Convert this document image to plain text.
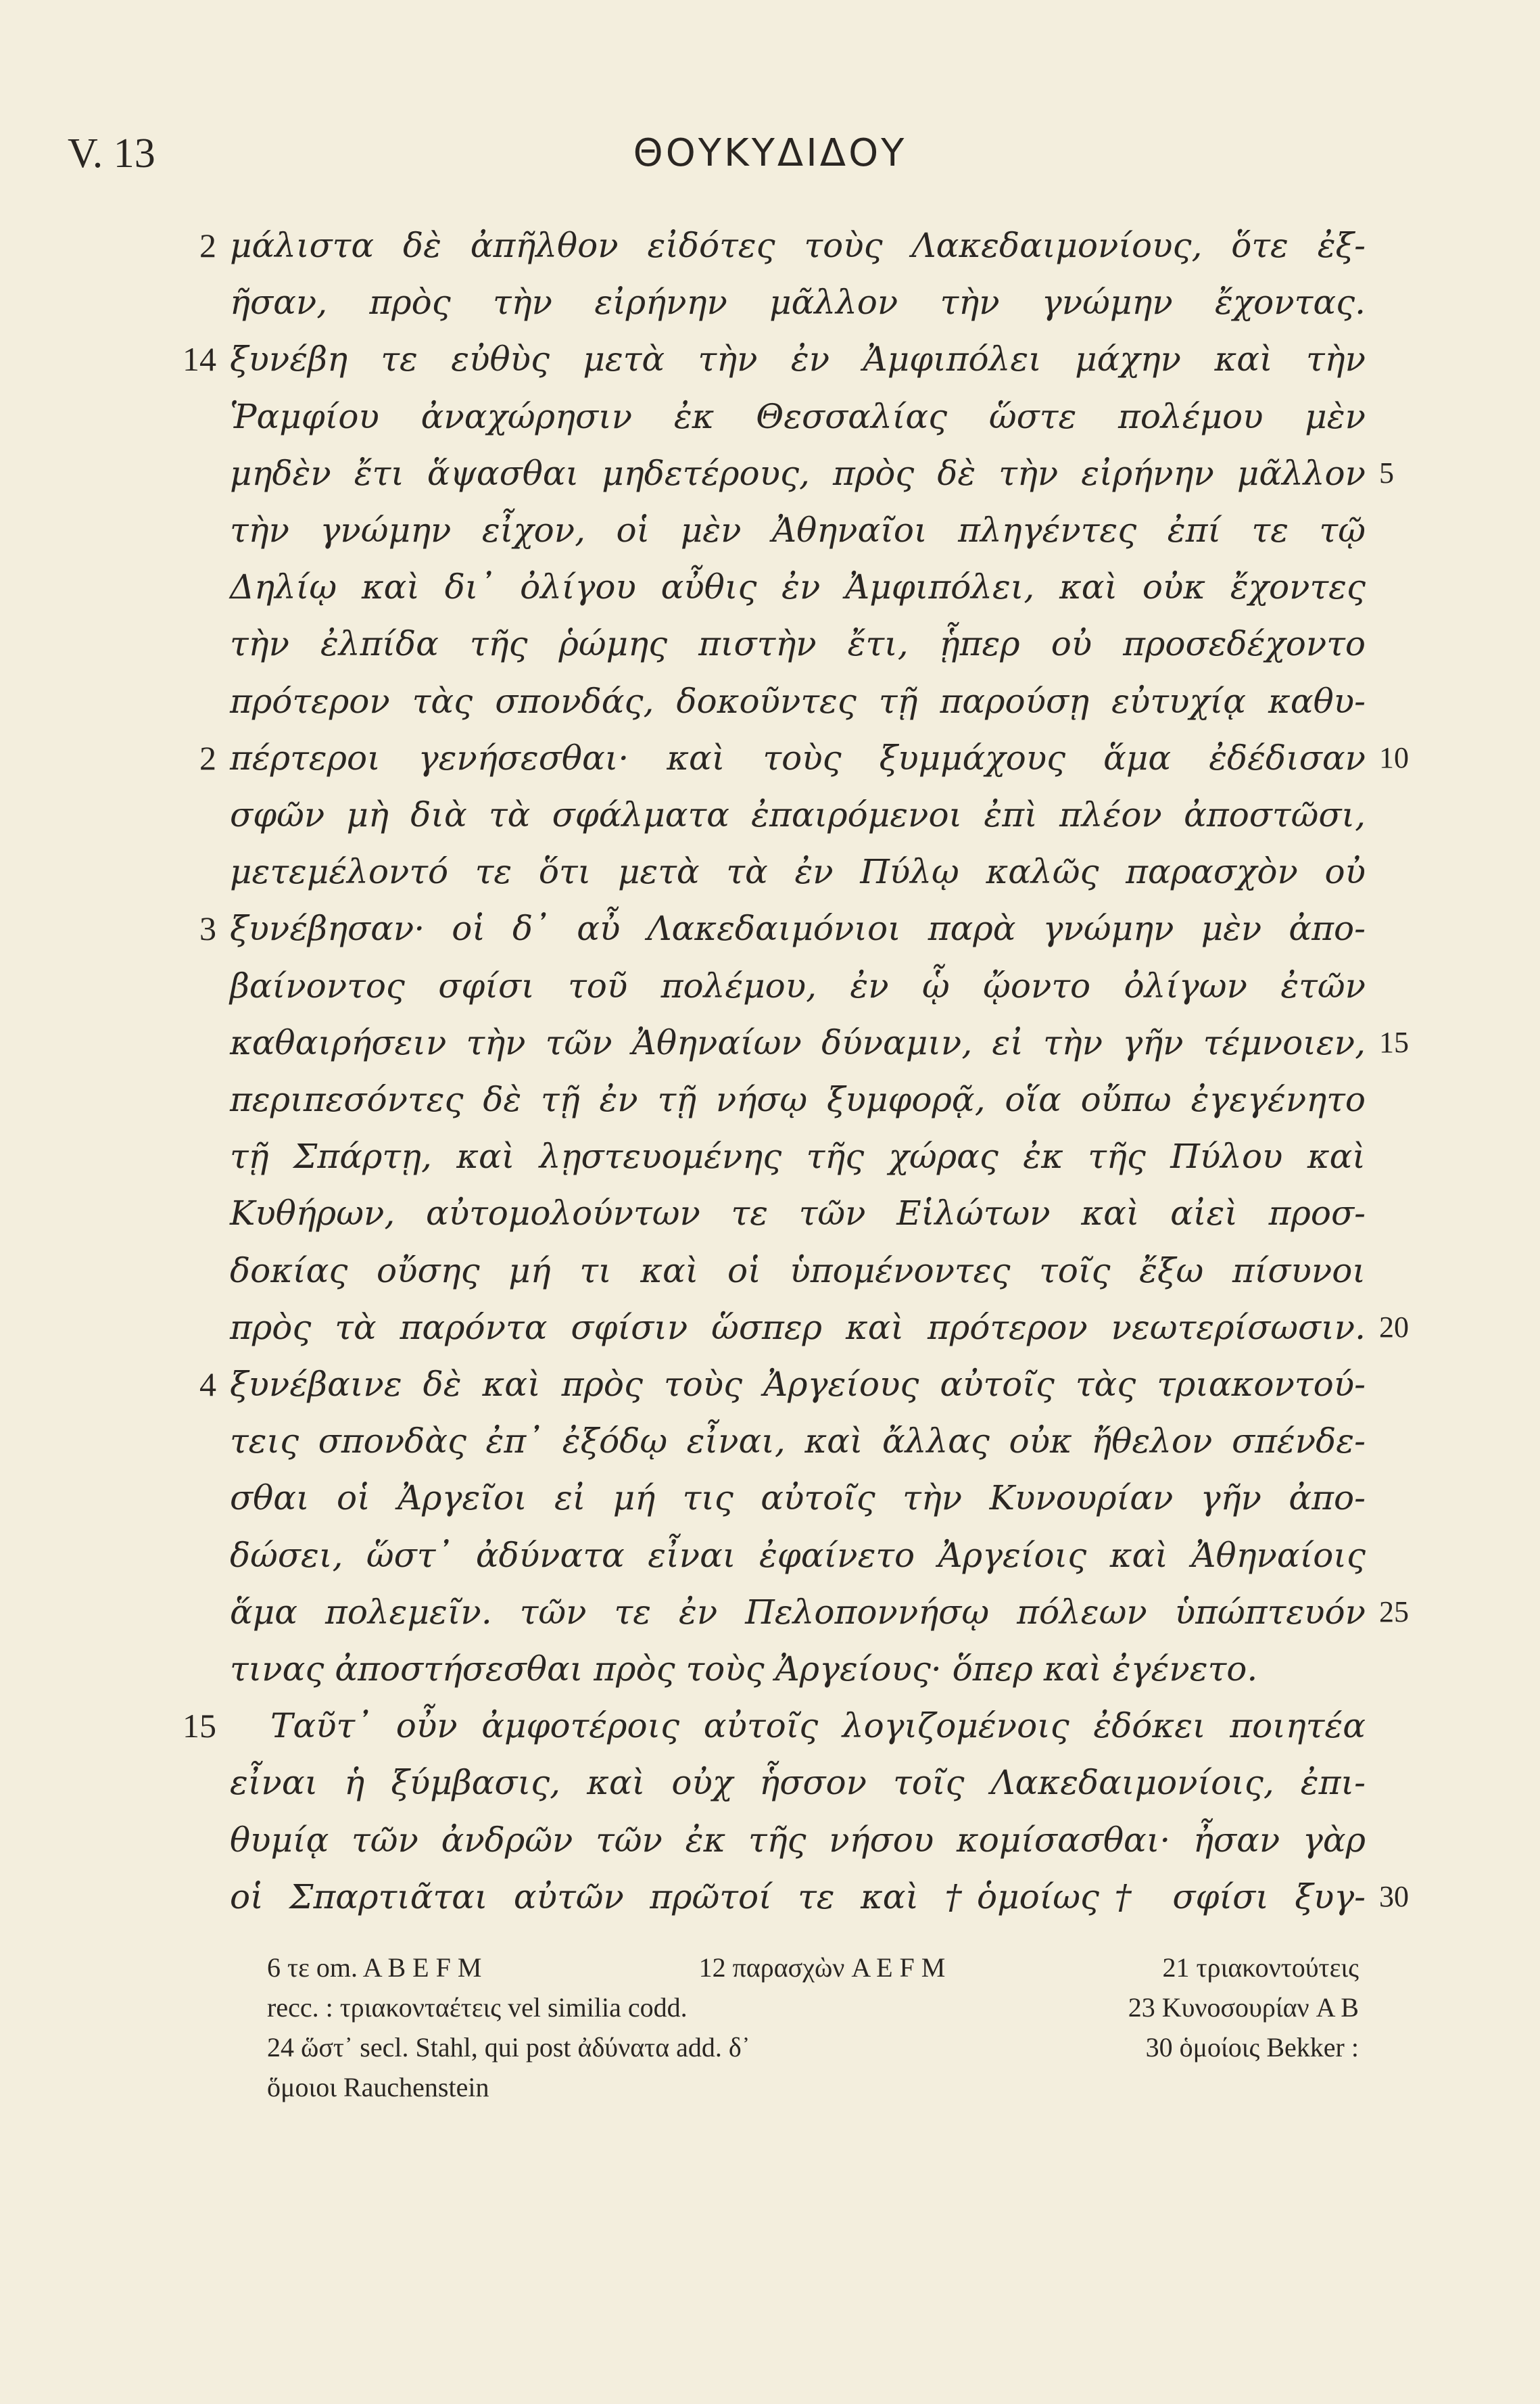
V. 13	ΘΟΥΚΥΔΙΔΟΥ
μάλιστα δὲ ἀπῆλθον εἰδότες τοὺς Λακεδαιμονίους, ὅτε ἐξ-
2
ῆσαν, πρὸς τὴν εἰρήνην μᾶλλον τὴν γνώμην ἔχοντας.
ξυνέβη τε εὐθὺς μετὰ τὴν ἐν Ἀμφιπόλει μάχην καὶ τὴν
14
Ῥαμφίου ἀναχώρησιν ἐκ Θεσσαλίας ὥστε πολέμου μὲν
μηδὲν ἔτι ἅψασθαι μηδετέρους, πρὸς δὲ τὴν εἰρήνην μᾶλλον 5
τὴν γνώμην εἶχον, οἱ μὲν Ἀθηναῖοι πληγέντες ἐπί τε τῷ
Δηλίῳ καὶ δι᾽ ὀλίγου αὖθις ἐν Ἀμφιπόλει, καὶ οὐκ ἔχοντες
τὴν ἐλπίδα τῆς ῥώμης πιστὴν ἔτι, ᾗπερ οὐ προσεδέχοντο
πρότερον τὰς σπονδάς, δοκοῦντες τῇ παρούσῃ εὐτυχίᾳ καθυ-
πέρτεροι γενήσεσθαι· καὶ τοὺς ξυμμάχους ἅμα ἐδέδισαν
2	10
σφῶν μὴ διὰ τὰ σφάλματα ἐπαιρόμενοι ἐπὶ πλέον ἀποστῶσι,
μετεμέλοντό τε ὅτι μετὰ τὰ ἐν Πύλῳ καλῶς παρασχὸν οὐ
ξυνέβησαν· οἱ δ᾽ αὖ Λακεδαιμόνιοι παρὰ γνώμην μὲν ἀπο-
3
βαίνοντος σφίσι τοῦ πολέμου, ἐν ᾧ ᾤοντο ὀλίγων ἐτῶν
καθαιρήσειν τὴν τῶν Ἀθηναίων δύναμιν, εἰ τὴν γῆν τέμνοιεν, 15
περιπεσόντες δὲ τῇ ἐν τῇ νήσῳ ξυμφορᾷ, οἵα οὔπω ἐγεγένητο
τῇ Σπάρτῃ, καὶ λῃστευομένης τῆς χώρας ἐκ τῆς Πύλου καὶ
Κυθήρων, αὐτομολούντων τε τῶν Εἱλώτων καὶ αἰεὶ προσ-
δοκίας οὔσης μή τι καὶ οἱ ὑπομένοντες τοῖς ἔξω πίσυνοι
πρὸς τὰ παρόντα σφίσιν ὥσπερ καὶ πρότερον νεωτερίσωσιν. 20
ξυνέβαινε δὲ καὶ πρὸς τοὺς Ἀργείους αὐτοῖς τὰς τριακοντού-
4
τεις σπονδὰς ἐπ᾽ ἐξόδῳ εἶναι, καὶ ἄλλας οὐκ ἤθελον σπένδε-
σθαι οἱ Ἀργεῖοι εἰ μή τις αὐτοῖς τὴν Κυνουρίαν γῆν ἀπο-
δώσει, ὥστ᾽ ἀδύνατα εἶναι ἐφαίνετο Ἀργείοις καὶ Ἀθηναίοις
ἅμα πολεμεῖν. τῶν τε ἐν Πελοποννήσῳ πόλεων ὑπώπτευόν 25
τινας ἀποστήσεσθαι πρὸς τοὺς Ἀργείους· ὅπερ καὶ ἐγένετο.
Ταῦτ᾽ οὖν ἀμφοτέροις αὐτοῖς λογιζομένοις ἐδόκει ποιητέα
15
εἶναι ἡ ξύμβασις, καὶ οὐχ ἧσσον τοῖς Λακεδαιμονίοις, ἐπι-
θυμίᾳ τῶν ἀνδρῶν τῶν ἐκ τῆς νήσου κομίσασθαι· ἦσαν γὰρ
οἱ Σπαρτιᾶται αὐτῶν πρῶτοί τε καὶ †ὁμοίως† σφίσι ξυγ- 30
6 τε om. A B E F M	12 παρασχὼν A E F M	21 τριακοντούτεις
recc. : τριακονταέτεις vel similia codd.	23 Κυνοσουρίαν A B
24 ὥστ᾽ secl. Stahl, qui post ἀδύνατα add. δ᾽	30 ὁμοίοις Bekker :
ὅμοιοι Rauchenstein
